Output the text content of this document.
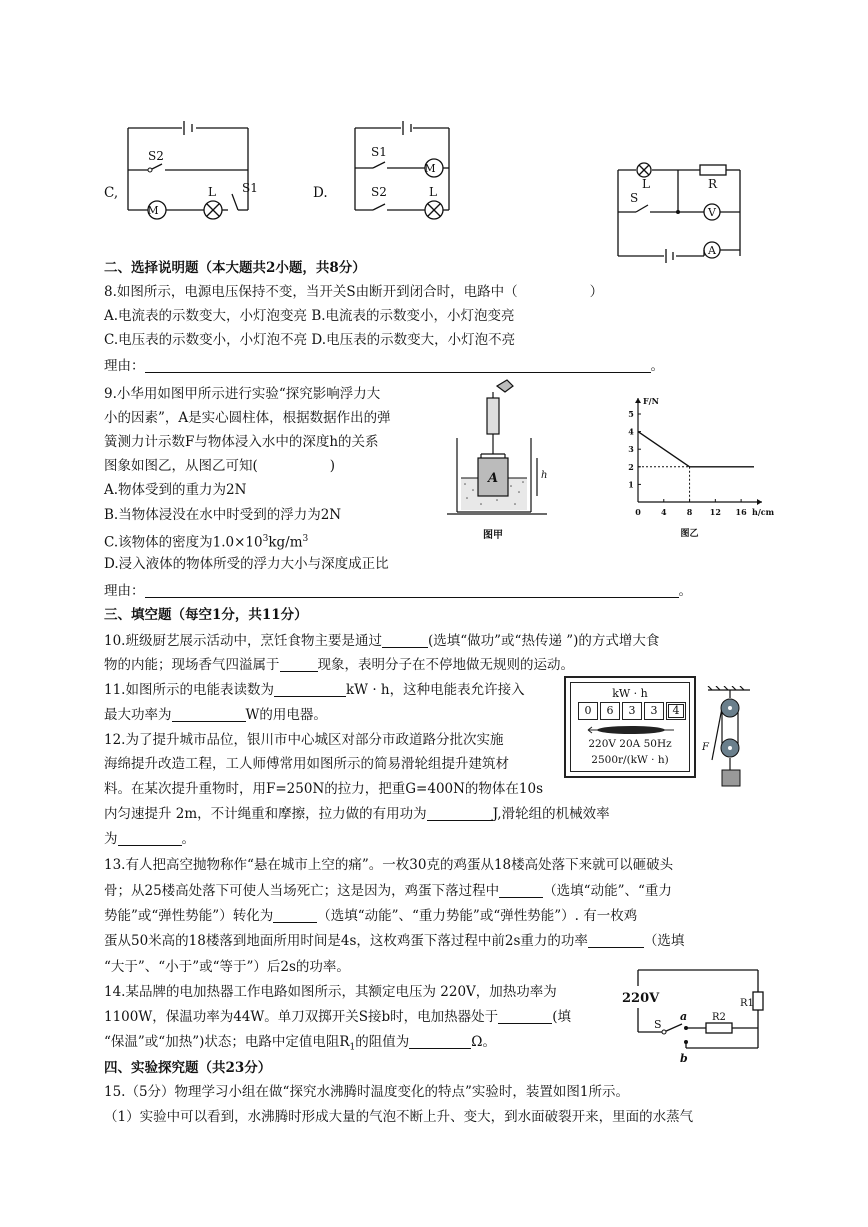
C,
M
S2
L S1	D.
M
S1
S2	L
L	R
S
V
A
二、选择说明题（本大题共2小题，共8分）
8.如图所示，电源电压保持不变，当开关S由断开到闭合时，电路中（	）
A.电流表的示数变大，小灯泡变亮 B.电流表的示数变小，小灯泡变亮
C.电压表的示数变小，小灯泡不亮 D.电压表的示数变大，小灯泡不亮
理由：	。
9.小华用如图甲所示进行实验“探究影响浮力大
小的因素”，A是实心圆柱体，根据数据作出的弹
簧测力计示数F与物体浸入水中的深度h的关系
图象如图乙，从图乙可知(	)
A.物体受到的重力为2N
B.当物体浸没在水中时受到的浮力为2N
C.该物体的密度为$1.0\times 10^3kg/m^3$
D.浸入液体的物体所受的浮力大小与深度成正比
理由：	。
A	h
图甲
F/N
h/cm
1
2
3
4
5
0	4	8 12 16
图乙
三、填空题（每空1分，共11分）
10.班级厨艺展示活动中，烹饪食物主要是通过	(选填“做功”或“热传递 ”)的方式增大食
物的内能；现场香气四溢属于	现象，表明分子在不停地做无规则的运动。
11.如图所示的电能表读数为	kW · h，这种电能表允许接入
最大功率为	W的用电器。
kW · h
0	6	3	3	4
220V 20A 50Hz
2500r/(kW · h)
F
12.为了提升城市品位，银川市中心城区对部分市政道路分批次实施
海绵提升改造工程，工人师傅常用如图所示的简易滑轮组提升建筑材
料。在某次提升重物时，用F=250N的拉力，把重G=400N的物体在10s
内匀速提升 2m，不计绳重和摩擦，拉力做的有用功为	J,滑轮组的机械效率
为	。
13.有人把高空抛物称作“悬在城市上空的痛”。一枚30克的鸡蛋从18楼高处落下来就可以砸破头
骨；从25楼高处落下可使人当场死亡；这是因为，鸡蛋下落过程中	（选填“动能”、“重力
势能”或“弹性势能”）转化为	（选填“动能”、“重力势能”或“弹性势能”）. 有一枚鸡
蛋从50米高的18楼落到地面所用时间是4s，这枚鸡蛋下落过程中前2s重力的功率	（选填
“大于”、“小于”或“等于”）后2s的功率。
220V	R1
R2
S
a
b
14.某品牌的电加热器工作电路如图所示，其额定电压为 220V，加热功率为
1100W，保温功率为44W。单刀双掷开关S接b时，电加热器处于	(填
“保温”或“加热”)状态；电路中定值电阻$R_1$的阻值为	Ω。
四、实验探究题（共23分）
15.（5分）物理学习小组在做“探究水沸腾时温度变化的特点”实验时，装置如图1所示。
（1）实验中可以看到，水沸腾时形成大量的气泡不断上升、变大，到水面破裂开来，里面的水蒸气
